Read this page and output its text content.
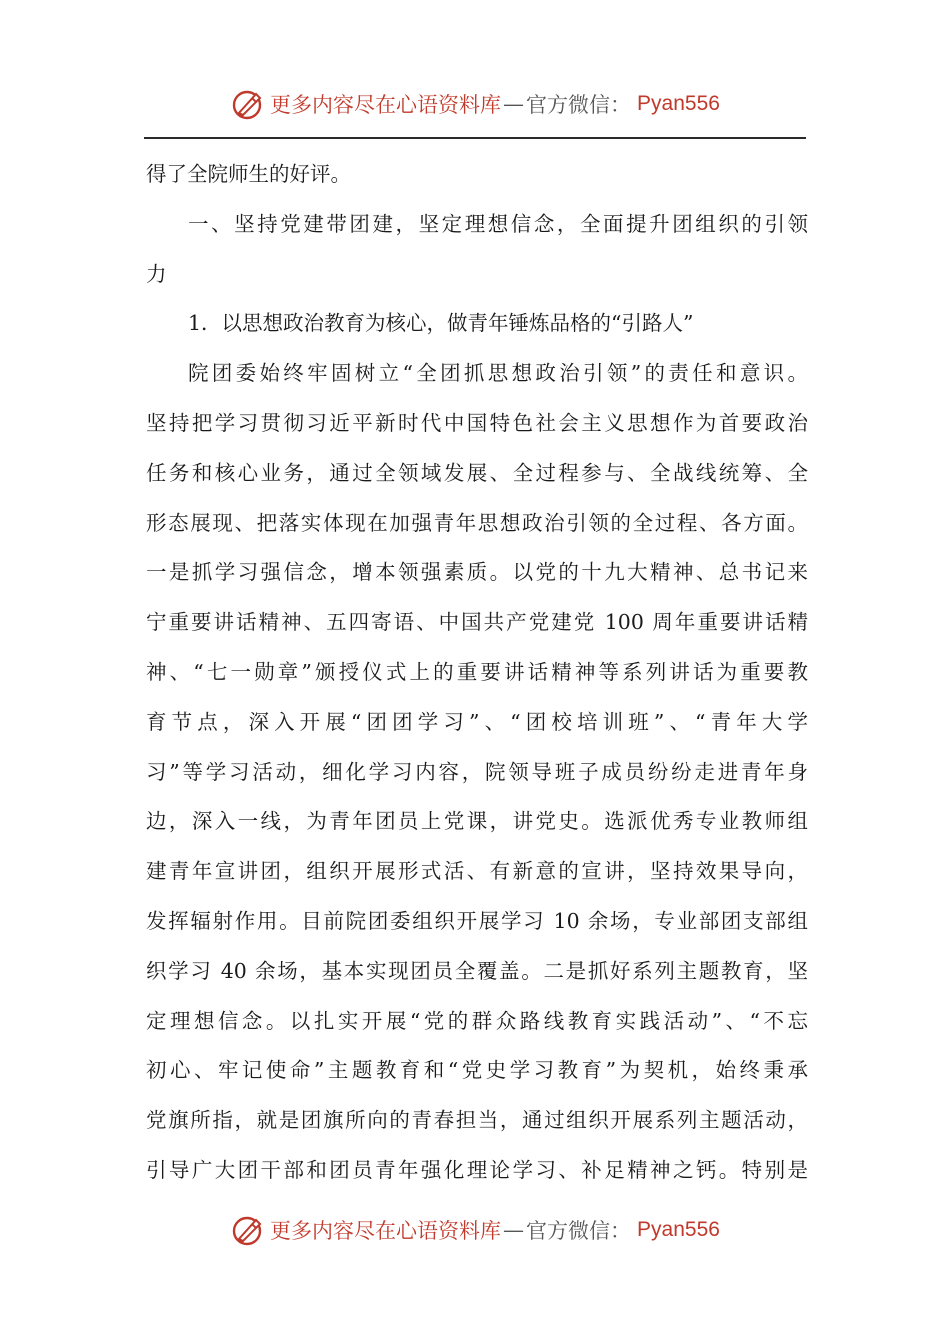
更多内容尽在心语资料库 — 官方微信： Pyan556
得了全院师生的好评。
一、坚持党建带团建，坚定理想信念，全面提升团组织的引领
力
1．以思想政治教育为核心，做青年锤炼品格的“引路人”
院团委始终牢固树立“全团抓思想政治引领”的责任和意识。
坚持把学习贯彻习近平新时代中国特色社会主义思想作为首要政治
任务和核心业务，通过全领域发展、全过程参与、全战线统筹、全
形态展现、把落实体现在加强青年思想政治引领的全过程、各方面。
一是抓学习强信念，增本领强素质。以党的十九大精神、总书记来
宁重要讲话精神、五四寄语、中国共产党建党 100 周年重要讲话精
神、“七一勋章”颁授仪式上的重要讲话精神等系列讲话为重要教
育节点，深入开展“团团学习”、“团校培训班”、“青年大学
习”等学习活动，细化学习内容，院领导班子成员纷纷走进青年身
边，深入一线，为青年团员上党课，讲党史。选派优秀专业教师组
建青年宣讲团，组织开展形式活、有新意的宣讲，坚持效果导向，
发挥辐射作用。目前院团委组织开展学习 10 余场，专业部团支部组
织学习 40 余场，基本实现团员全覆盖。二是抓好系列主题教育，坚
定理想信念。以扎实开展“党的群众路线教育实践活动”、“不忘
初心、牢记使命”主题教育和“党史学习教育”为契机，始终秉承
党旗所指，就是团旗所向的青春担当，通过组织开展系列主题活动，
引导广大团干部和团员青年强化理论学习、补足精神之钙。特别是
更多内容尽在心语资料库 — 官方微信： Pyan556
